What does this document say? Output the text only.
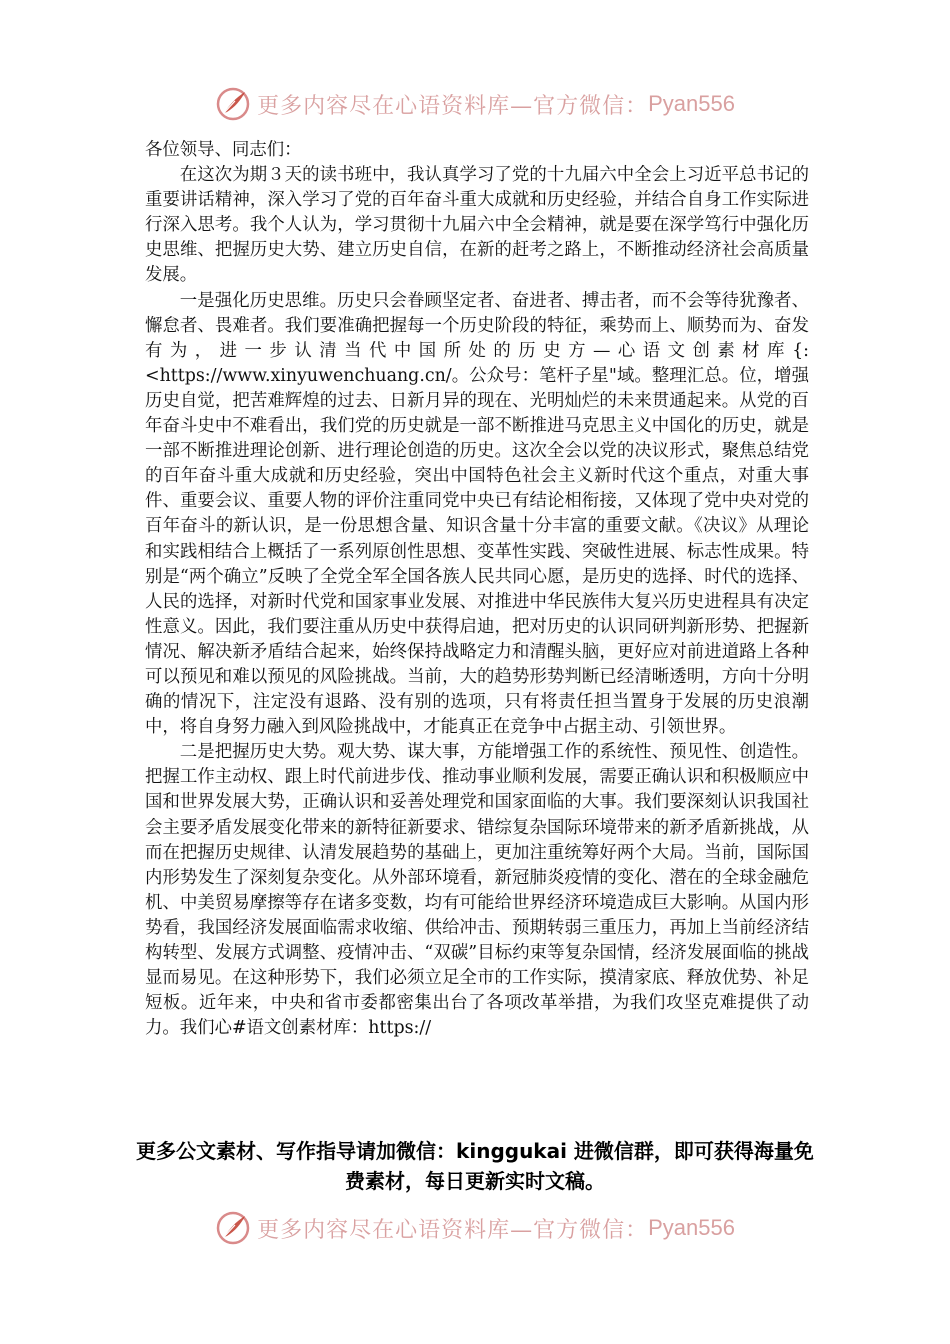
更多内容尽在心语资料库—官方微信： Pyan556

各位领导、同志们：

在这次为期３天的读书班中，我认真学习了党的十九届六中全会上习近平总书记的重要讲话精神，深入学习了党的百年奋斗重大成就和历史经验，并结合自身工作实际进行深入思考。我个人认为，学习贯彻十九届六中全会精神，就是要在深学笃行中强化历史思维、把握历史大势、建立历史自信，在新的赶考之路上，不断推动经济社会高质量发展。

一是强化历史思维。历史只会眷顾坚定者、奋进者、搏击者，而不会等待犹豫者、懈怠者、畏难者。我们要准确把握每一个历史阶段的特征，乘势而上、顺势而为、奋发有为，进一步认清当代中国所处的历史方—心语文创素材库{:<https://www.xinyuwenchuang.cn/。公众号：笔杆子星"域。整理汇总。位，增强历史自觉，把苦难辉煌的过去、日新月异的现在、光明灿烂的未来贯通起来。从党的百年奋斗史中不难看出，我们党的历史就是一部不断推进马克思主义中国化的历史，就是一部不断推进理论创新、进行理论创造的历史。这次全会以党的决议形式，聚焦总结党的百年奋斗重大成就和历史经验，突出中国特色社会主义新时代这个重点，对重大事件、重要会议、重要人物的评价注重同党中央已有结论相衔接，又体现了党中央对党的百年奋斗的新认识，是一份思想含量、知识含量十分丰富的重要文献。《决议》从理论和实践相结合上概括了一系列原创性思想、变革性实践、突破性进展、标志性成果。特别是“两个确立”反映了全党全军全国各族人民共同心愿，是历史的选择、时代的选择、人民的选择，对新时代党和国家事业发展、对推进中华民族伟大复兴历史进程具有决定性意义。因此，我们要注重从历史中获得启迪，把对历史的认识同研判新形势、把握新情况、解决新矛盾结合起来，始终保持战略定力和清醒头脑，更好应对前进道路上各种可以预见和难以预见的风险挑战。当前，大的趋势形势判断已经清晰透明，方向十分明确的情况下，注定没有退路、没有别的选项，只有将责任担当置身于发展的历史浪潮中，将自身努力融入到风险挑战中，才能真正在竞争中占据主动、引领世界。

二是把握历史大势。观大势、谋大事，方能增强工作的系统性、预见性、创造性。把握工作主动权、跟上时代前进步伐、推动事业顺利发展，需要正确认识和积极顺应中国和世界发展大势，正确认识和妥善处理党和国家面临的大事。我们要深刻认识我国社会主要矛盾发展变化带来的新特征新要求、错综复杂国际环境带来的新矛盾新挑战，从而在把握历史规律、认清发展趋势的基础上，更加注重统筹好两个大局。当前，国际国内形势发生了深刻复杂变化。从外部环境看，新冠肺炎疫情的变化、潜在的全球金融危机、中美贸易摩擦等存在诸多变数，均有可能给世界经济环境造成巨大影响。从国内形势看，我国经济发展面临需求收缩、供给冲击、预期转弱三重压力，再加上当前经济结构转型、发展方式调整、疫情冲击、“双碳”目标约束等复杂国情，经济发展面临的挑战显而易见。在这种形势下，我们必须立足全市的工作实际，摸清家底、释放优势、补足短板。近年来，中央和省市委都密集出台了各项改革举措，为我们攻坚克难提供了动力。我们心#语文创素材库：https://

更多公文素材、写作指导请加微信：kinggukai 进微信群，即可获得海量免费素材，每日更新实时文稿。
更多内容尽在心语资料库—官方微信： Pyan556
